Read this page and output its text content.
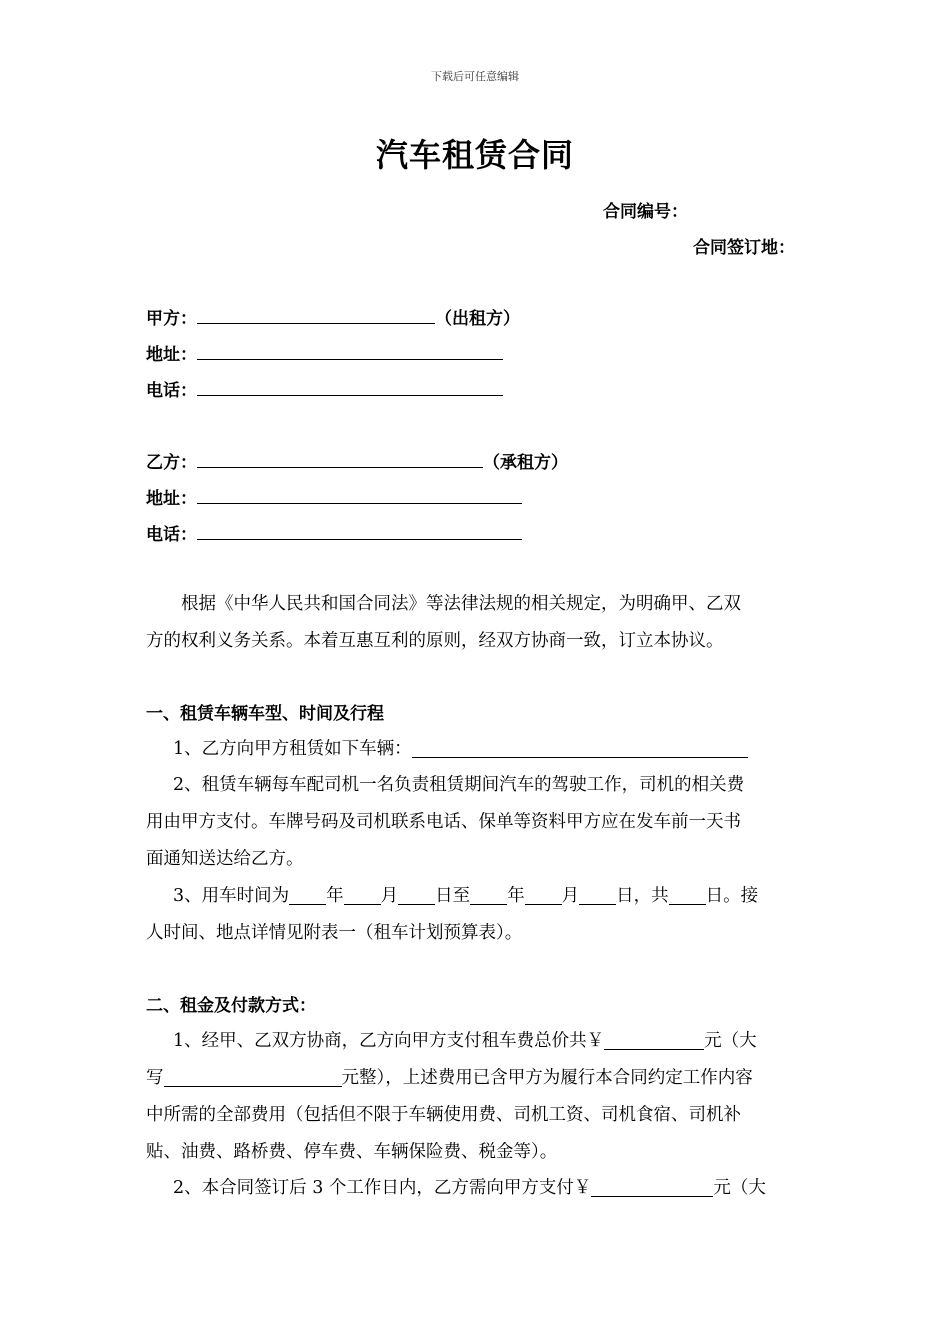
下载后可任意编辑
汽车租赁合同
合同编号：
合同签订地：
甲方：	（出租方）
地址：
电话：
乙方：	（承租方）
地址：
电话：
根据《中华人民共和国合同法》等法律法规的相关规定，为明确甲、乙双
方的权利义务关系。本着互惠互利的原则，经双方协商一致，订立本协议。
一、租赁车辆车型、时间及行程
1、乙方向甲方租赁如下车辆：
2、租赁车辆每车配司机一名负责租赁期间汽车的驾驶工作，司机的相关费
用由甲方支付。车牌号码及司机联系电话、保单等资料甲方应在发车前一天书
面通知送达给乙方。
3、用车时间为 年 月 日至 年 月 日，共 日。接
人时间、地点详情见附表一（租车计划预算表）。
二、租金及付款方式：
1、经甲、乙双方协商，乙方向甲方支付租车费总价共￥	元（大
写	元整），上述费用已含甲方为履行本合同约定工作内容
中所需的全部费用（包括但不限于车辆使用费、司机工资、司机食宿、司机补
贴、油费、路桥费、停车费、车辆保险费、税金等）。
2、本合同签订后 3 个工作日内，乙方需向甲方支付￥	元（大
